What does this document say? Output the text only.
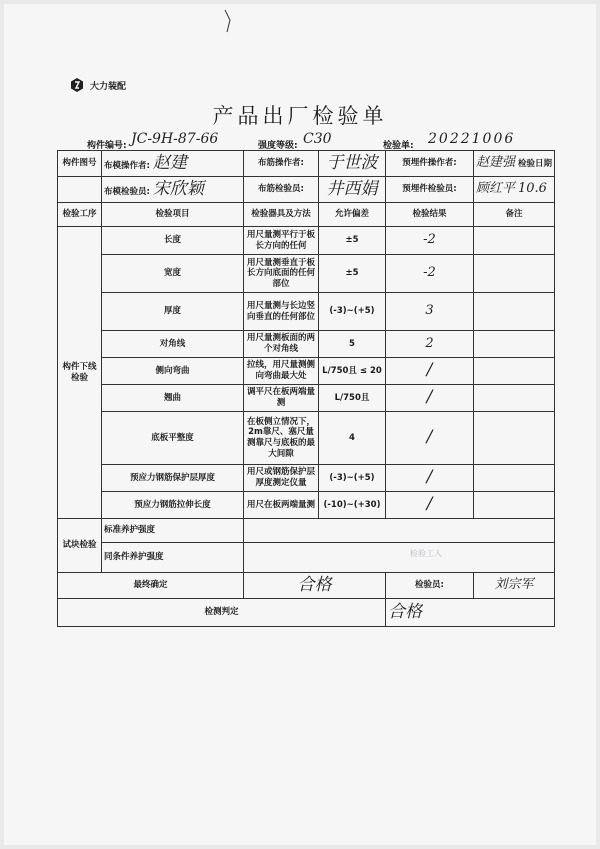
大力装配
产品出厂检验单
构件编号: JC-9H-87-66	强度等级: C30	检验单: 20221006
构件图号	布模操作者: 赵建	布筋操作者:	于世波	预埋件操作者:	赵建强 检验日期
	布模检验员: 宋欣颖	布筋检验员:	井西娟	预埋件检验员:	顾红平 10.6
检验工序	检验项目	检验器具及方法	允许偏差	检验结果	备注
构件下线检验	长度	用尺量测平行于板长方向的任何	±5	-2	
	宽度	用尺量测垂直于板长方向底面的任何部位	±5	-2	
	厚度	用尺量测与长边竖向垂直的任何部位	(-3)~(+5)	3	
	对角线	用尺量测板面的两个对角线	5	2	
	侧向弯曲	拉线，用尺量测侧向弯曲最大处	L/750且 ≤ 20	/	
	翘曲	调平尺在板两端量测	L/750且	/	
	底板平整度	在板侧立情况下，2m靠尺、塞尺量测靠尺与底板的最大间隙	4	/	
	预应力钢筋保护层厚度	用尺或钢筋保护层厚度测定仪量	(-3)~(+5)	/	
	预应力钢筋拉伸长度	用尺在板两端量测	(-10)~(+30)	/	
试块检验	标准养护强度				
	同条件养护强度				
最终确定		合格		检验员:	刘宗军
检测判定				合格	
检验工人
